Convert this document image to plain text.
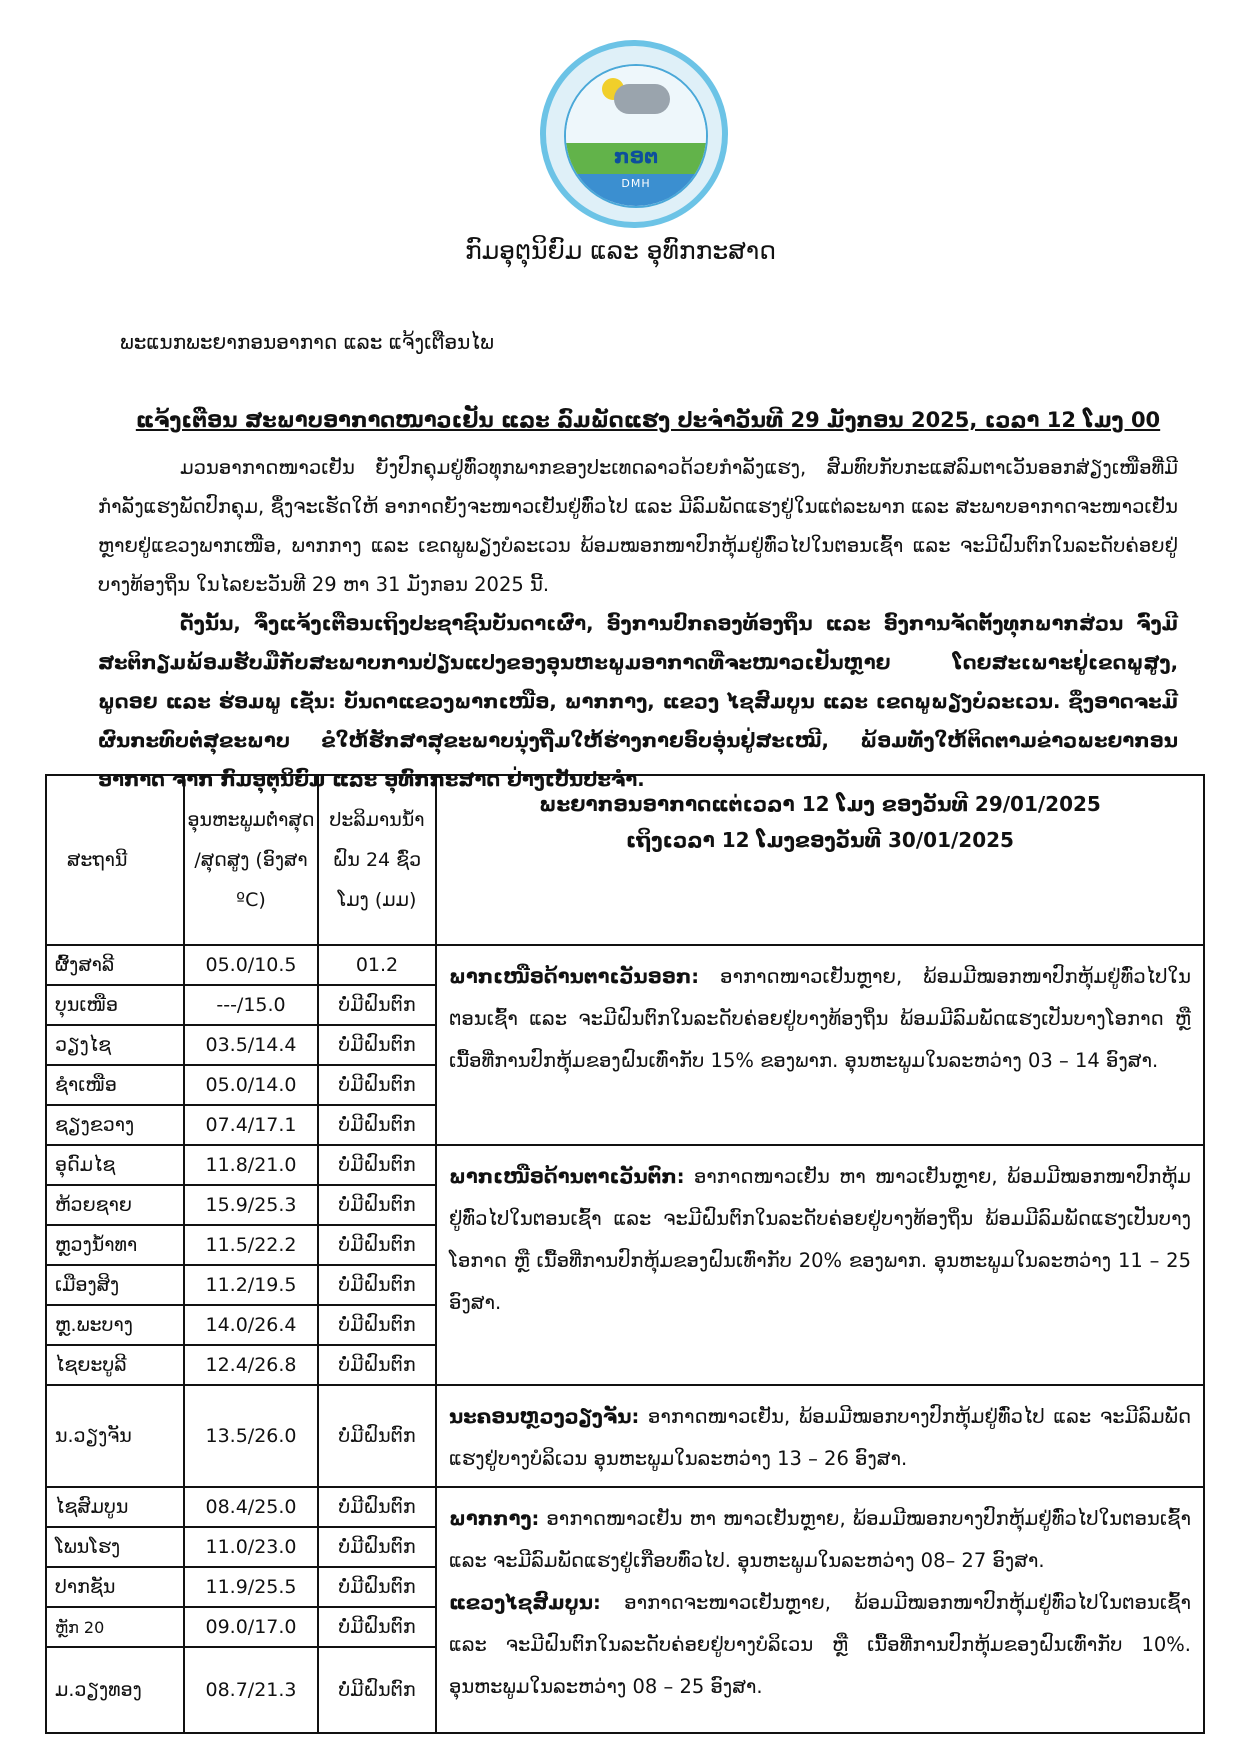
ກອຕ
DMH
ກົມອຸຕຸນິຍົມ ແລະ ອຸທົກກະສາດ
ພະແນກພະຍາກອນອາກາດ ແລະ ແຈ້ງເຕືອນໄພ
ແຈ້ງເຕືອນ ສະພາບອາກາດໜາວເຢັນ ແລະ ລົມພັດແຮງ ປະຈຳວັນທີ 29 ມັງກອນ 2025, ເວລາ 12 ໂມງ 00
ມວນອາກາດໜາວເຢັນ ຍັງປົກຄຸມຢູ່ທົ່ວທຸກພາກຂອງປະເທດລາວດ້ວຍກຳລັງແຮງ, ສົມທົບກັບກະແສລົມຕາເວັນອອກສ່ຽງເໜືອທີ່ມີກຳລັງແຮງພັດປົກຄຸມ, ຊຶ່ງຈະເຮັດໃຫ້ ອາກາດຍັງຈະໜາວເຢັນຢູ່ທົ່ວໄປ ແລະ ມີລົມພັດແຮງຢູ່ໃນແຕ່ລະພາກ ແລະ ສະພາບອາກາດຈະໜາວເຢັນຫຼາຍຢູ່ແຂວງພາກເໜືອ, ພາກກາງ ແລະ ເຂດພູພຽງບໍລະເວນ ພ້ອມໝອກໜາປົກຫຸ້ມຢູ່ທົ່ວໄປໃນຕອນເຊົ້າ ແລະ ຈະມີຝົນຕົກໃນລະດັບຄ່ອຍຢູ່ບາງທ້ອງຖິ່ນ ໃນໄລຍະວັນທີ 29 ຫາ 31 ມັງກອນ 2025 ນີ້.
ດັ່ງນັ້ນ, ຈຶ່ງແຈ້ງເຕືອນເຖິງປະຊາຊົນບັນດາເຜົ່າ, ອົງການປົກຄອງທ້ອງຖິ່ນ ແລະ ອົງການຈັດຕັ້ງທຸກພາກສ່ວນ ຈົ່ງມີສະຕິກຽມພ້ອມຮັບມືກັບສະພາບການປ່ຽນແປງຂອງອຸນຫະພູມອາກາດທີ່ຈະໜາວເຢັນຫຼາຍ ໂດຍສະເພາະຢູ່ເຂດພູສູງ, ພູດອຍ ແລະ ຮ່ອມພູ ເຊັ່ນ: ບັນດາແຂວງພາກເໜືອ, ພາກກາງ, ແຂວງ ໄຊສົມບູນ ແລະ ເຂດພູພຽງບໍລະເວນ. ຊຶ່ງອາດຈະມີຜົນກະທົບຕໍ່ສຸຂະພາບ ຂໍໃຫ້ຮັກສາສຸຂະພາບນຸ່ງຖື່ມໃຫ້ຮ່າງກາຍອົບອຸ່ນຢູ່ສະເໝີ, ພ້ອມທັງໃຫ້ຕິດຕາມຂ່າວພະຍາກອນອາກາດ ຈາກ ກົມອຸຕຸນິຍົມ ແລະ ອຸທົກກະສາດ ຢ່າງເປັນປະຈຳ.
ສະຖານີ	ອຸນຫະພູມຕ່ຳສຸດ /ສຸດສູງ (ອົງສາ ºC)	ປະລິມານນ້ຳຝົນ 24 ຊົ່ວ ໂມງ (ມມ)	ພະຍາກອນອາກາດແຕ່ເວລາ 12 ໂມງ ຂອງວັນທີ 29/01/2025
ເຖິງເວລາ 12 ໂມງຂອງວັນທີ 30/01/2025

ຜົ້ງສາລີ	05.0/10.5	01.2	ພາກເໜືອດ້ານຕາເວັນອອກ: ອາກາດໜາວເຢັນຫຼາຍ, ພ້ອມມີໝອກໜາປົກຫຸ້ມຢູ່ທົ່ວໄປໃນຕອນເຊົ້າ ແລະ ຈະມີຝົນຕົກໃນລະດັບຄ່ອຍຢູ່ບາງທ້ອງຖິ່ນ ພ້ອມມີລົມພັດແຮງເປັນບາງໂອກາດ ຫຼື ເນື້ອທີ່ການປົກຫຸ້ມຂອງຝົນເທົ່າກັບ 15% ຂອງພາກ. ອຸນຫະພູມໃນລະຫວ່າງ 03 – 14 ອົງສາ.
ບຸນເໜືອ	---/15.0	ບໍ່ມີຝົນຕົກ	
ວຽງໄຊ	03.5/14.4	ບໍ່ມີຝົນຕົກ	
ຊຳເໜືອ	05.0/14.0	ບໍ່ມີຝົນຕົກ	
ຊຽງຂວາງ	07.4/17.1	ບໍ່ມີຝົນຕົກ	
ອຸດົມໄຊ	11.8/21.0	ບໍ່ມີຝົນຕົກ	ພາກເໜືອດ້ານຕາເວັນຕົກ: ອາກາດໜາວເຢັນ ຫາ ໜາວເຢັນຫຼາຍ, ພ້ອມມີໝອກໜາປົກຫຸ້ມຢູ່ທົ່ວໄປໃນຕອນເຊົ້າ ແລະ ຈະມີຝົນຕົກໃນລະດັບຄ່ອຍຢູ່ບາງທ້ອງຖິ່ນ ພ້ອມມີລົມພັດແຮງເປັນບາງໂອກາດ ຫຼື ເນື້ອທີ່ການປົກຫຸ້ມຂອງຝົນເທົ່າກັບ 20% ຂອງພາກ. ອຸນຫະພູມໃນລະຫວ່າງ 11 – 25 ອົງສາ.
ຫ້ວຍຊາຍ	15.9/25.3	ບໍ່ມີຝົນຕົກ	
ຫຼວງນ້ຳທາ	11.5/22.2	ບໍ່ມີຝົນຕົກ	
ເມືອງສິງ	11.2/19.5	ບໍ່ມີຝົນຕົກ	
ຫຼ.ພະບາງ	14.0/26.4	ບໍ່ມີຝົນຕົກ	
ໄຊຍະບູລີ	12.4/26.8	ບໍ່ມີຝົນຕົກ	
ນ.ວຽງຈັນ	13.5/26.0	ບໍ່ມີຝົນຕົກ	ນະຄອນຫຼວງວຽງຈັນ: ອາກາດໜາວເຢັນ, ພ້ອມມີໝອກບາງປົກຫຸ້ມຢູ່ທົ່ວໄປ ແລະ ຈະມີລົມພັດແຮງຢູ່ບາງບໍລິເວນ ອຸນຫະພູມໃນລະຫວ່າງ 13 – 26 ອົງສາ.
ໄຊສົມບູນ	08.4/25.0	ບໍ່ມີຝົນຕົກ	ພາກກາງ: ອາກາດໜາວເຢັນ ຫາ ໜາວເຢັນຫຼາຍ, ພ້ອມມີໝອກບາງປົກຫຸ້ມຢູ່ທົ່ວໄປໃນຕອນເຊົ້າ ແລະ ຈະມີລົມພັດແຮງຢູ່ເກືອບທົ່ວໄປ. ອຸນຫະພູມໃນລະຫວ່າງ 08– 27 ອົງສາ.
ແຂວງໄຊສົມບູນ: ອາກາດຈະໜາວເຢັນຫຼາຍ, ພ້ອມມີໝອກໜາປົກຫຸ້ມຢູ່ທົ່ວໄປໃນຕອນເຊົ້າ ແລະ ຈະມີຝົນຕົກໃນລະດັບຄ່ອຍຢູ່ບາງບໍລິເວນ ຫຼື ເນື້ອທີ່ການປົກຫຸ້ມຂອງຝົນເທົ່າກັບ 10%. ອຸນຫະພູມໃນລະຫວ່າງ 08 – 25 ອົງສາ.

ໂພນໂຮງ	11.0/23.0	ບໍ່ມີຝົນຕົກ	
ປາກຊັນ	11.9/25.5	ບໍ່ມີຝົນຕົກ	
ຫຼັກ 20	09.0/17.0	ບໍ່ມີຝົນຕົກ	
ມ.ວຽງທອງ	08.7/21.3	ບໍ່ມີຝົນຕົກ	
